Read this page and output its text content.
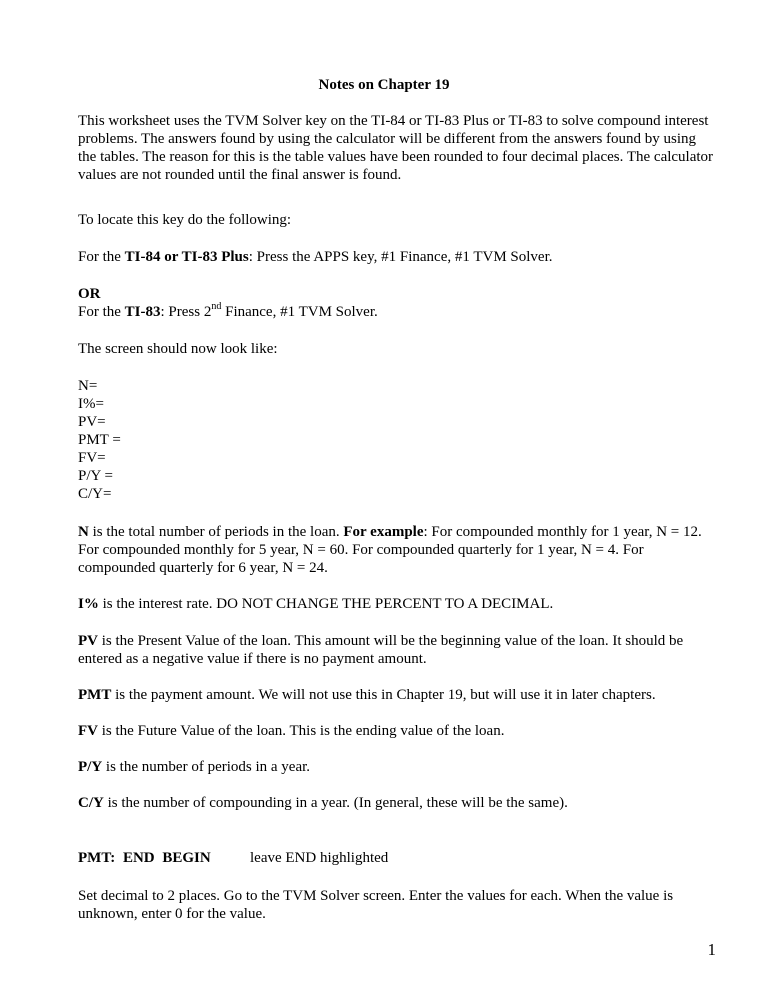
Notes on Chapter 19

This worksheet uses the TVM Solver key on the TI-84 or TI-83 Plus or TI-83 to solve compound interest problems. The answers found by using the calculator will be different from the answers found by using the tables. The reason for this is the table values have been rounded to four decimal places. The calculator values are not rounded until the final answer is found.

To locate this key do the following:

For the TI-84 or TI-83 Plus: Press the APPS key, #1 Finance, #1 TVM Solver.

OR

For the TI-83: Press 2nd Finance, #1 TVM Solver.

The screen should now look like:

N=

I%=

PV=

PMT =

FV=

P/Y =

C/Y=

N is the total number of periods in the loan. For example: For compounded monthly for 1 year, N = 12. For compounded monthly for 5 year, N = 60. For compounded quarterly for 1 year, N = 4. For compounded quarterly for 6 year, N = 24.

I% is the interest rate. DO NOT CHANGE THE PERCENT TO A DECIMAL.

PV is the Present Value of the loan. This amount will be the beginning value of the loan. It should be entered as a negative value if there is no payment amount.

PMT is the payment amount. We will not use this in Chapter 19, but will use it in later chapters.

FV is the Future Value of the loan. This is the ending value of the loan.

P/Y is the number of periods in a year.

C/Y is the number of compounding in a year. (In general, these will be the same).

PMT: END BEGIN	leave END highlighted

Set decimal to 2 places. Go to the TVM Solver screen. Enter the values for each. When the value is unknown, enter 0 for the value.

1
